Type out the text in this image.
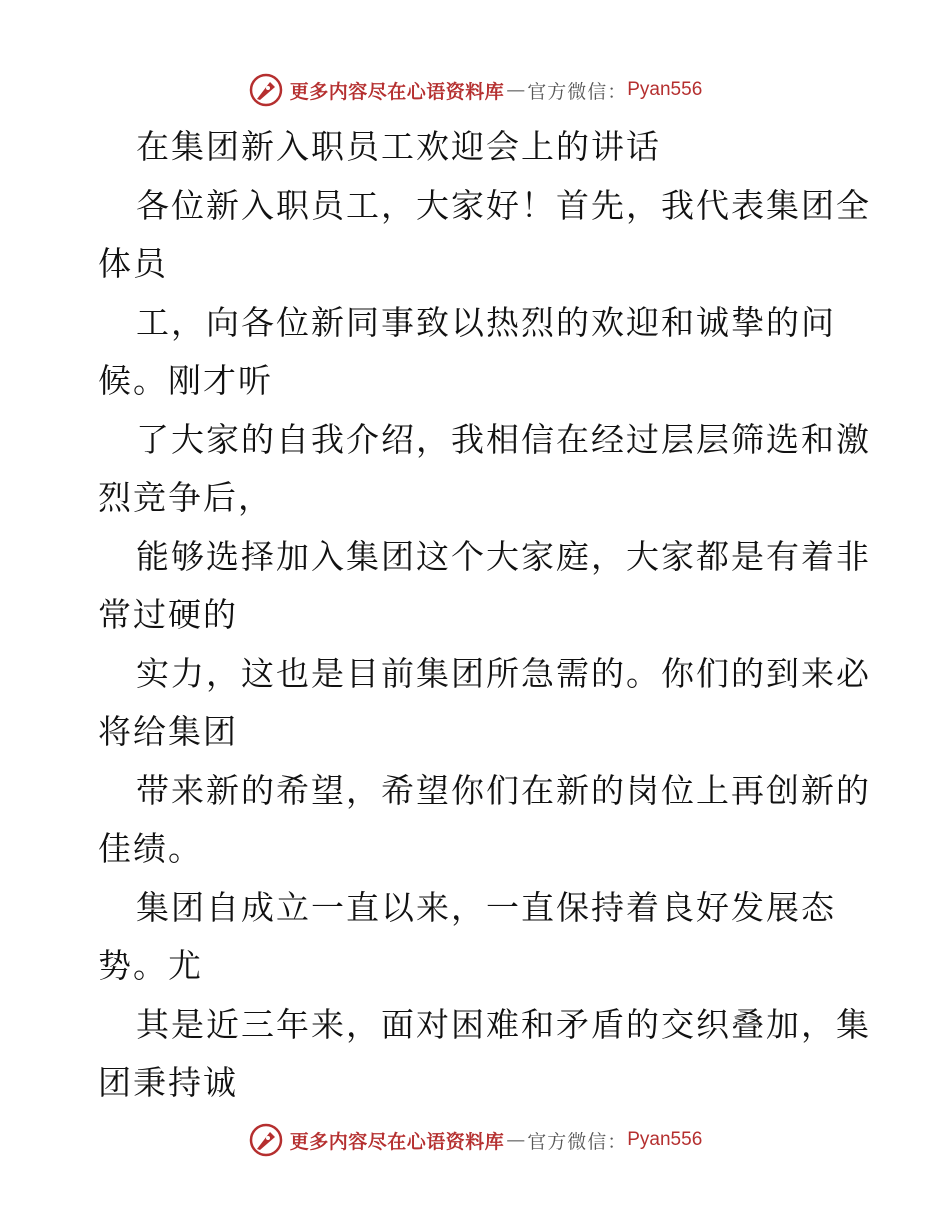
更多内容尽在心语资料库 — 官方微信： Pyan556
在集团新入职员工欢迎会上的讲话
各位新入职员工，大家好！首先，我代表集团全
体员
工，向各位新同事致以热烈的欢迎和诚挚的问
候。刚才听
了大家的自我介绍，我相信在经过层层筛选和激
烈竞争后，
能够选择加入集团这个大家庭，大家都是有着非
常过硬的
实力，这也是目前集团所急需的。你们的到来必
将给集团
带来新的希望，希望你们在新的岗位上再创新的
佳绩。
集团自成立一直以来，一直保持着良好发展态
势。尤
其是近三年来，面对困难和矛盾的交织叠加，集
团秉持诚
更多内容尽在心语资料库 — 官方微信： Pyan556
